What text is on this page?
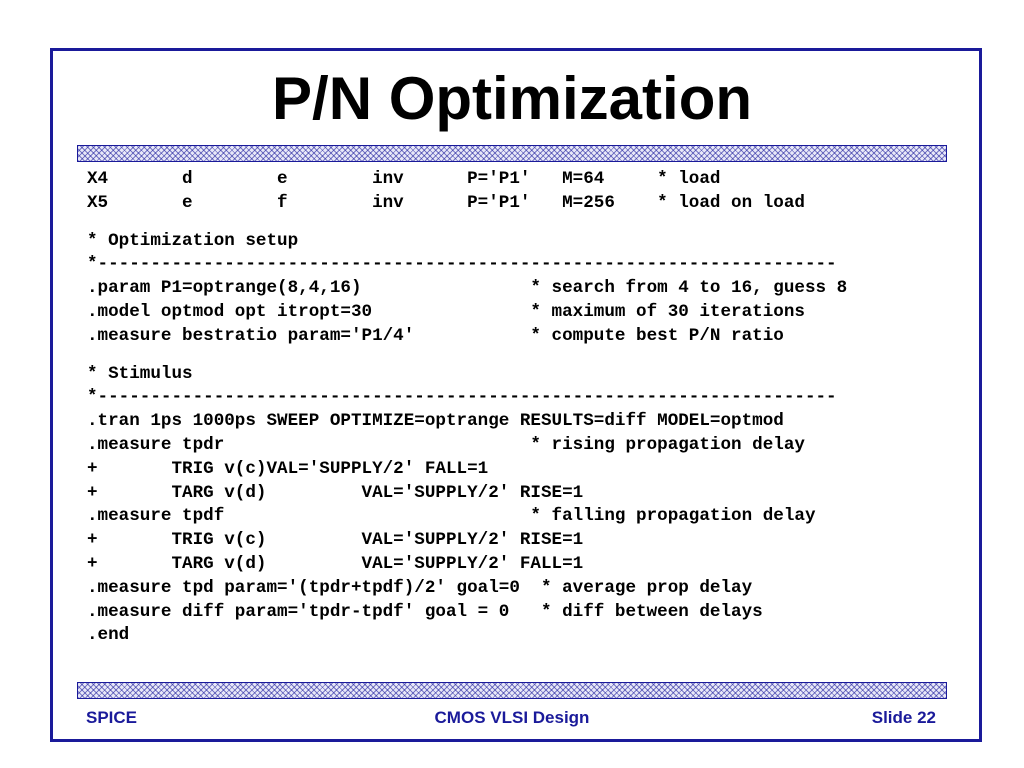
P/N Optimization
X4       d        e        inv      P='P1'   M=64     * load
X5       e        f        inv      P='P1'   M=256    * load on load
* Optimization setup
*----------------------------------------------------------------------
.param P1=optrange(8,4,16)                * search from 4 to 16, guess 8
.model optmod opt itropt=30               * maximum of 30 iterations
.measure bestratio param='P1/4'           * compute best P/N ratio
* Stimulus
*----------------------------------------------------------------------
.tran 1ps 1000ps SWEEP OPTIMIZE=optrange RESULTS=diff MODEL=optmod
.measure tpdr                             * rising propagation delay
+       TRIG v(c)VAL='SUPPLY/2' FALL=1
+       TARG v(d)         VAL='SUPPLY/2' RISE=1
.measure tpdf                             * falling propagation delay
+       TRIG v(c)         VAL='SUPPLY/2' RISE=1
+       TARG v(d)         VAL='SUPPLY/2' FALL=1
.measure tpd param='(tpdr+tpdf)/2' goal=0  * average prop delay
.measure diff param='tpdr-tpdf' goal = 0   * diff between delays
.end
SPICE	CMOS VLSI Design	Slide 22
